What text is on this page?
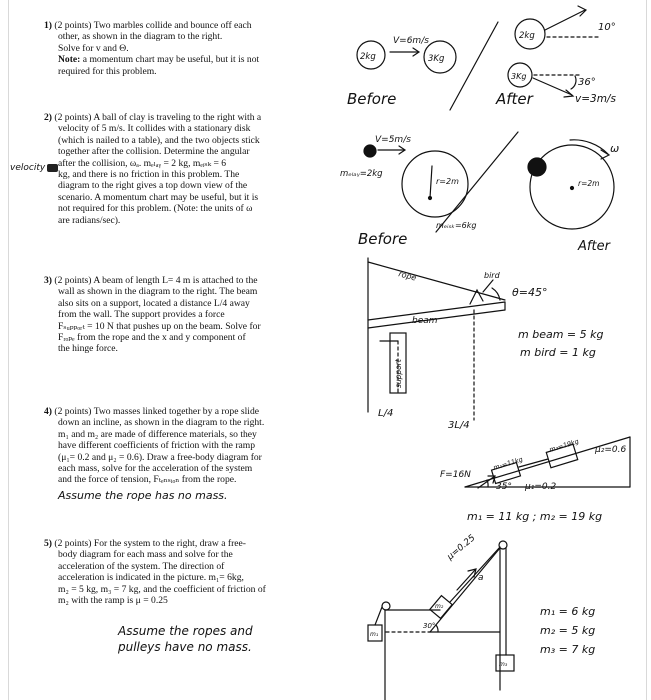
1) (2 points) Two marbles collide and bounce off each

other, as shown in the diagram to the right.

Solve for v and Θ.

Note: a momentum chart may be useful, but it is not

required for this problem.

2) (2 points) A ball of clay is traveling to the right with a

velocity of 5 m/s. It collides with a stationary disk

(which is nailed to a table), and the two objects stick

together after the collision. Determine the angular

after the collision, ωₐ. mₑₗₐᵧ = 2 kg, mₑᵢₛₖ = 6

kg, and there is no friction in this problem. The

diagram to the right gives a top down view of the

scenario. A momentum chart may be useful, but it is

not required for this problem. (Note: the units of ω

are radians/sec).

velocity

3) (2 points) A beam of length L= 4 m is attached to the

wall as shown in the diagram to the right. The beam

also sits on a support, located a distance L/4 away

from the wall. The support provides a force

Fₛᵤₚₚₒᵣₜ = 10 N that pushes up on the beam. Solve for

Fᵣₒₚₑ from the rope and the x and y component of

the hinge force.

4) (2 points) Two masses linked together by a rope slide

down an incline, as shown in the diagram to the right.

m₁ and m₂ are made of difference materials, so they

have different coefficients of friction with the ramp

(μ₁= 0.2 and μ₂ = 0.6). Draw a free-body diagram for

each mass, solve for the acceleration of the system

and the force of tension, Fₜₑₙₛᵢₒₙ from the rope.

Assume the rope has no mass.

5) (2 points) For the system to the right, draw a free-

body diagram for each mass and solve for the

acceleration of the system. The direction of

acceleration is indicated in the picture. m₁= 6kg,

m₂ = 5 kg, m₃ = 7 kg, and the coefficient of friction of

m₂ with the ramp is μ = 0.25

Assume the ropes and
pulleys have no mass.
2kg	3Kg
V=6m/s
Before	After
2kg
3Kg
10°
36°
v=3m/s
V=5m/s
mₑₗₐᵧ=2kg
r=2m
mₑᵢₛₖ=6kg
Before	After
r=2m
ω
rope	bird
θ=45°
beam
support
L/4
3L/4
m beam = 5 kg
m bird = 1 kg
F=16N
m₁=11kg
m₂=19kg
35° μ₁=0.2
μ₂=0.6
m₁ = 11 kg ; m₂ = 19 kg
μ=0.25
a
30°
m₁
m₂
m₃
m₁ = 6 kg
m₂ = 5 kg
m₃ = 7 kg
